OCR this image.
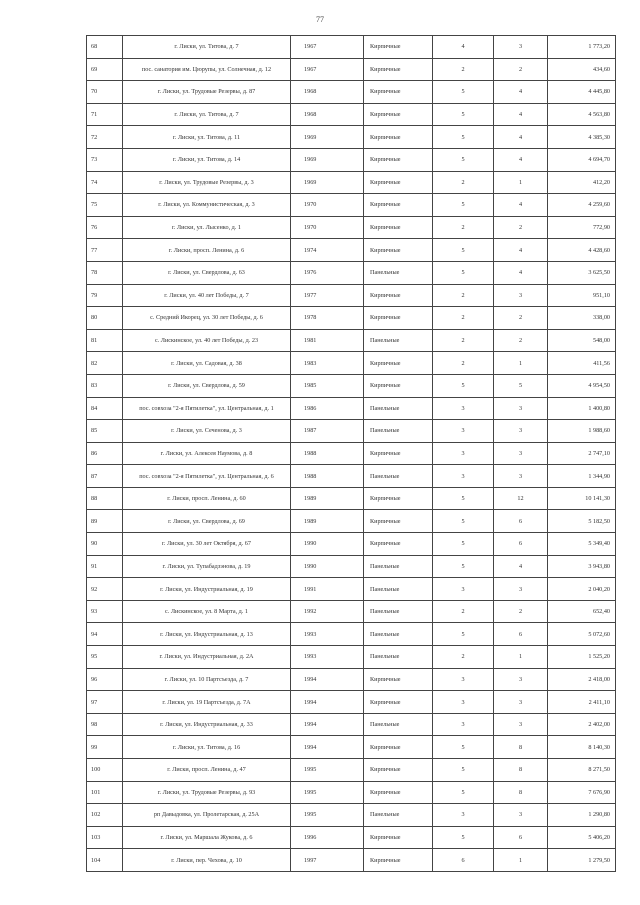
77
68	г. Лиски, ул. Титова, д. 7	1967	Кирпичные	4	3	1 773,20
69	пос. санатория им. Цюрупы, ул. Солнечная, д. 12	1967	Кирпичные	2	2	434,60
70	г. Лиски, ул. Трудовые Резервы, д. 87	1968	Кирпичные	5	4	4 445,80
71	г. Лиски, ул. Титова, д. 7	1968	Кирпичные	5	4	4 563,80
72	г. Лиски, ул. Титова, д. 11	1969	Кирпичные	5	4	4 385,30
73	г. Лиски, ул. Титова, д. 14	1969	Кирпичные	5	4	4 694,70
74	г. Лиски, ул. Трудовые Резервы, д. 3	1969	Кирпичные	2	1	412,20
75	г. Лиски, ул. Коммунистическая, д. 3	1970	Кирпичные	5	4	4 259,60
76	г. Лиски, ул. Лысенко, д. 1	1970	Кирпичные	2	2	772,90
77	г. Лиски, просп. Ленина, д. 6	1974	Кирпичные	5	4	4 428,60
78	г. Лиски, ул. Свердлова, д. 63	1976	Панельные	5	4	3 625,50
79	г. Лиски, ул. 40 лет Победы, д. 7	1977	Кирпичные	2	3	951,10
80	с. Средний Икорец, ул. 30 лет Победы, д. 6	1978	Кирпичные	2	2	338,00
81	с. Лискинское, ул. 40 лет Победы, д. 23	1981	Панельные	2	2	548,00
82	г. Лиски, ул. Садовая, д. 38	1983	Кирпичные	2	1	411,56
83	г. Лиски, ул. Свердлова, д. 59	1985	Кирпичные	5	5	4 954,50
84	пос. совхоза "2-я Пятилетка", ул. Центральная, д. 1	1986	Панельные	3	3	1 400,80
85	г. Лиски, ул. Сеченова, д. 3	1987	Панельные	3	3	1 988,60
86	г. Лиски, ул. Алексея Наумова, д. 8	1988	Кирпичные	3	3	2 747,10
87	пос. совхоза "2-я Пятилетка", ул. Центральная, д. 6	1988	Панельные	3	3	1 344,90
88	г. Лиски, просп. Ленина, д. 60	1989	Кирпичные	5	12	10 141,30
89	г. Лиски, ул. Свердлова, д. 69	1989	Кирпичные	5	6	5 182,50
90	г. Лиски, ул. 30 лет Октября, д. 67	1990	Кирпичные	5	6	5 349,40
91	г. Лиски, ул. Тупабадзэнова, д. 19	1990	Панельные	5	4	3 943,80
92	г. Лиски, ул. Индустриальная, д. 19	1991	Панельные	3	3	2 040,20
93	с. Лискинское, ул. 8 Марта, д. 1	1992	Панельные	2	2	652,40
94	г. Лиски, ул. Индустриальная, д. 13	1993	Панельные	5	6	5 072,60
95	г. Лиски, ул. Индустриальная, д. 2А	1993	Панельные	2	1	1 525,20
96	г. Лиски, ул. 10 Партсъезда, д. 7	1994	Кирпичные	3	3	2 418,00
97	г. Лиски, ул. 19 Партсъезда, д. 7А	1994	Кирпичные	3	3	2 411,10
98	г. Лиски, ул. Индустриальная, д. 33	1994	Панельные	3	3	2 402,00
99	г. Лиски, ул. Титова, д. 16	1994	Кирпичные	5	8	8 140,30
100	г. Лиски, просп. Ленина, д. 47	1995	Кирпичные	5	8	8 271,50
101	г. Лиски, ул. Трудовые Резервы, д. 93	1995	Кирпичные	5	8	7 676,90
102	рп Давыдовка, ул. Пролетарская, д. 25А	1995	Панельные	3	3	1 290,80
103	г. Лиски, ул. Маршала Жукова, д. 6	1996	Кирпичные	5	6	5 406,20
104	г. Лиски, пер. Чехова, д. 10	1997	Кирпичные	6	1	1 279,50
